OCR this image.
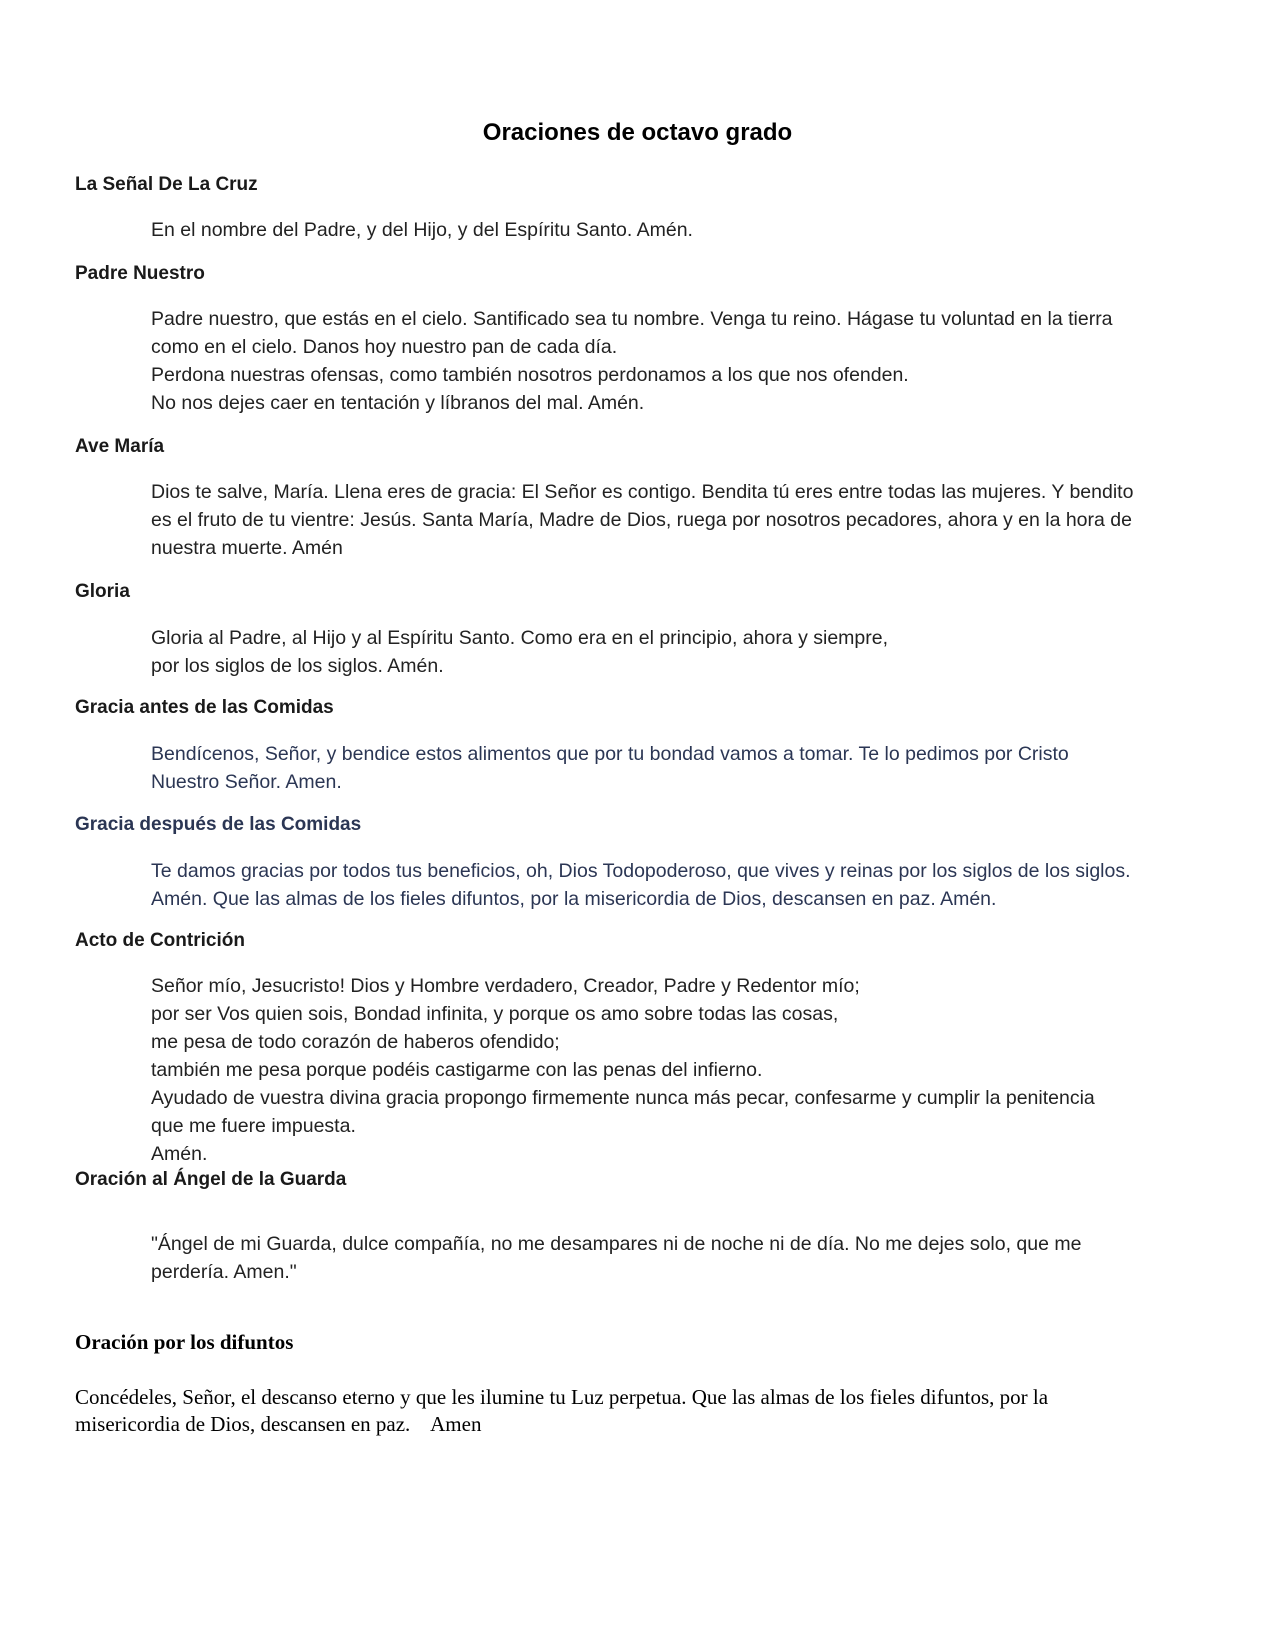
Oraciones de octavo grado
La Señal De La Cruz
En el nombre del Padre, y del Hijo, y del Espíritu Santo. Amén.
Padre Nuestro
Padre nuestro, que estás en el cielo. Santificado sea tu nombre. Venga tu reino. Hágase tu voluntad en la tierra
como en el cielo. Danos hoy nuestro pan de cada día.
Perdona nuestras ofensas, como también nosotros perdonamos a los que nos ofenden.
No nos dejes caer en tentación y líbranos del mal. Amén.
Ave María
Dios te salve, María. Llena eres de gracia: El Señor es contigo. Bendita tú eres entre todas las mujeres. Y bendito
es el fruto de tu vientre: Jesús. Santa María, Madre de Dios, ruega por nosotros pecadores, ahora y en la hora de
nuestra muerte. Amén
Gloria
Gloria al Padre, al Hijo y al Espíritu Santo. Como era en el principio, ahora y siempre,
por los siglos de los siglos. Amén.
Gracia antes de las Comidas
Bendícenos, Señor, y bendice estos alimentos que por tu bondad vamos a tomar. Te lo pedimos por Cristo
Nuestro Señor. Amen.
Gracia después de las Comidas
Te damos gracias por todos tus beneficios, oh, Dios Todopoderoso, que vives y reinas por los siglos de los siglos.
Amén. Que las almas de los fieles difuntos, por la misericordia de Dios, descansen en paz. Amén.
Acto de Contrición
Señor mío, Jesucristo! Dios y Hombre verdadero, Creador, Padre y Redentor mío;
por ser Vos quien sois, Bondad infinita, y porque os amo sobre todas las cosas,
me pesa de todo corazón de haberos ofendido;
también me pesa porque podéis castigarme con las penas del infierno.
Ayudado de vuestra divina gracia propongo firmemente nunca más pecar, confesarme y cumplir la penitencia
que me fuere impuesta.
Amén.
Oración al Ángel de la Guarda
"Ángel de mi Guarda, dulce compañía, no me desampares ni de noche ni de día. No me dejes solo, que me
perdería. Amen."
Oración por los difuntos
Concédeles, Señor, el descanso eterno y que les ilumine tu Luz perpetua. Que las almas de los fieles difuntos, por la
misericordia de Dios, descansen en paz.    Amen
